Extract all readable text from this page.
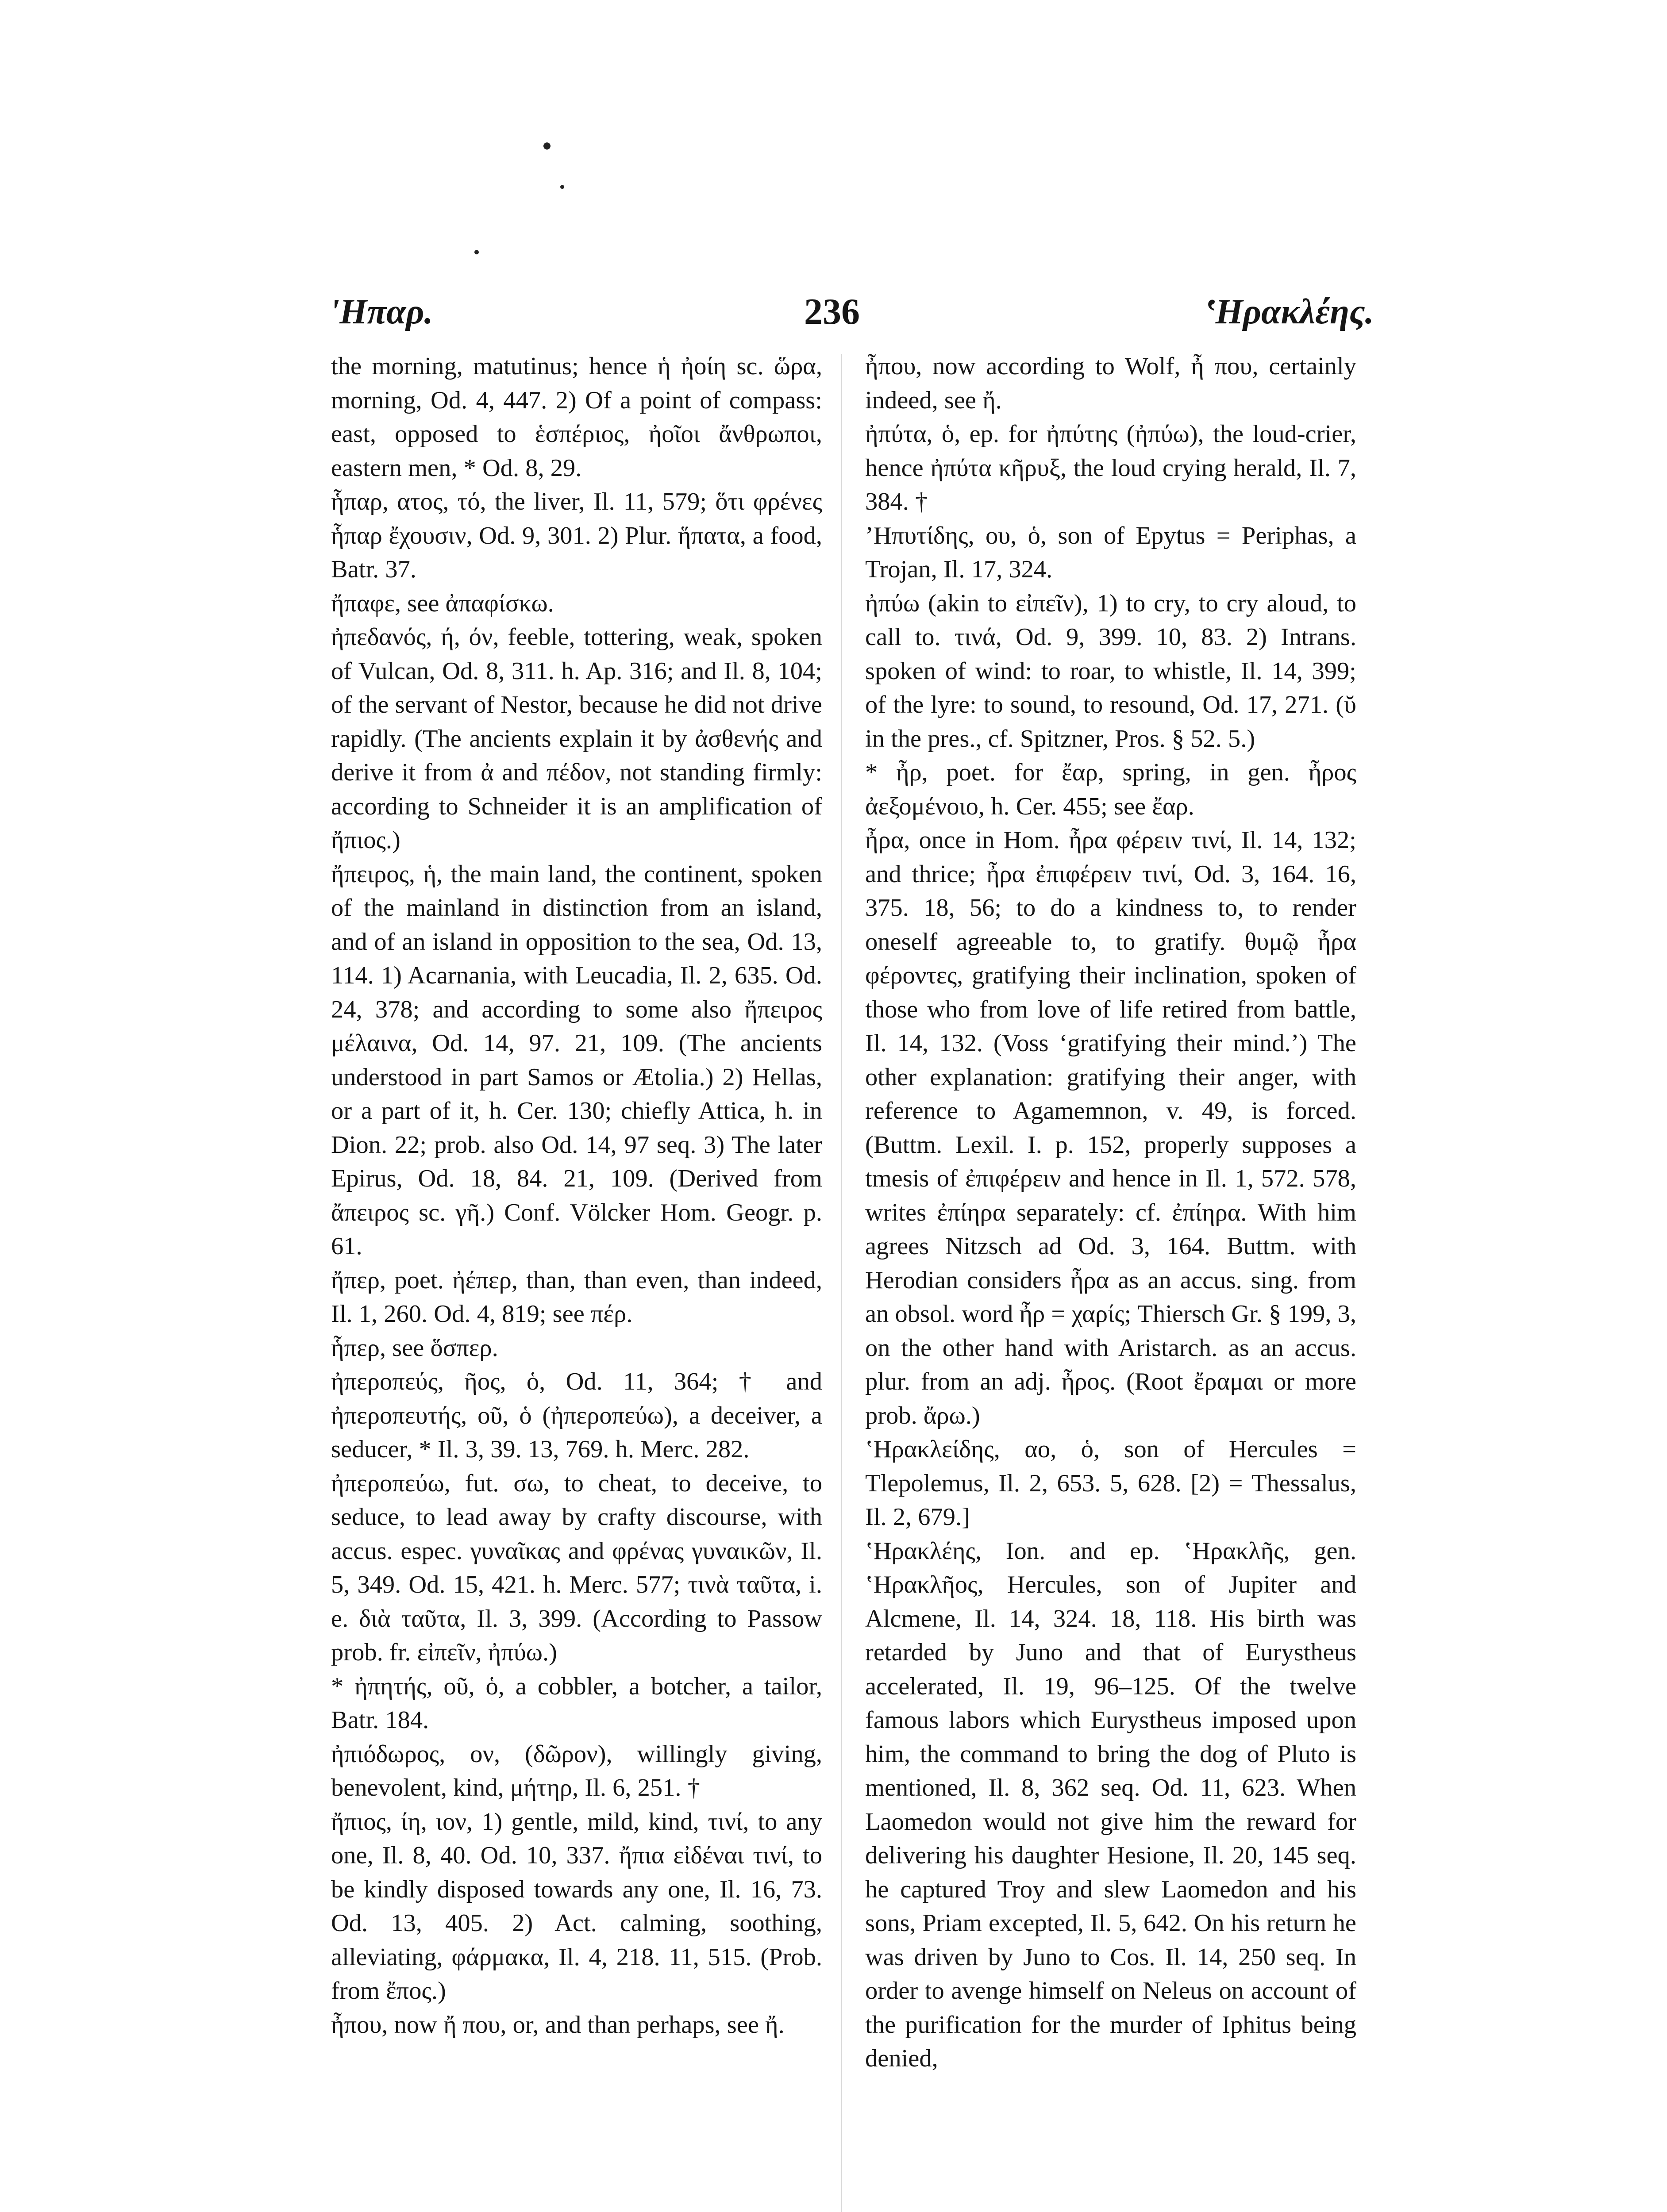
ʹΗπαρ.	236	ʽΗρακλέης.

the morning, matutinus; hence ἡ ἠοίη sc. ὥρα, morning, Od. 4, 447. 2) Of a point of compass: east, opposed to ἑσπέριος, ἠοῖοι ἄνθρωποι, eastern men, * Od. 8, 29.

ἧπαρ, ατος, τό, the liver, Il. 11, 579; ὅτι φρένες ἧπαρ ἔχουσιν, Od. 9, 301. 2) Plur. ἥπατα, a food, Batr. 37.

ἤπαφε, see ἀπαφίσκω.

ἠπεδανός, ή, όν, feeble, tottering, weak, spoken of Vulcan, Od. 8, 311. h. Ap. 316; and Il. 8, 104; of the servant of Nestor, because he did not drive rapidly. (The ancients explain it by ἀσθενής and derive it from ἀ and πέδον, not standing firmly: according to Schneider it is an amplification of ἤπιος.)

ἤπειρος, ἡ, the main land, the continent, spoken of the mainland in distinction from an island, and of an island in opposition to the sea, Od. 13, 114. 1) Acarnania, with Leucadia, Il. 2, 635. Od. 24, 378; and according to some also ἤπειρος μέλαινα, Od. 14, 97. 21, 109. (The ancients understood in part Samos or Ætolia.) 2) Hellas, or a part of it, h. Cer. 130; chiefly Attica, h. in Dion. 22; prob. also Od. 14, 97 seq. 3) The later Epirus, Od. 18, 84. 21, 109. (Derived from ἄπειρος sc. γῆ.) Conf. Völcker Hom. Geogr. p. 61.

ἤπερ, poet. ἠέπερ, than, than even, than indeed, Il. 1, 260. Od. 4, 819; see πέρ.

ἧπερ, see ὅσπερ.

ἠπεροπεύς, ῆος, ὁ, Od. 11, 364; † and ἠπεροπευτής, οῦ, ὁ (ἠπεροπεύω), a deceiver, a seducer, * Il. 3, 39. 13, 769. h. Merc. 282.

ἠπεροπεύω, fut. σω, to cheat, to deceive, to seduce, to lead away by crafty discourse, with accus. espec. γυναῖκας and φρένας γυναικῶν, Il. 5, 349. Od. 15, 421. h. Merc. 577; τινὰ ταῦτα, i. e. διὰ ταῦτα, Il. 3, 399. (According to Passow prob. fr. εἰπεῖν, ἠπύω.)

* ἠπητής, οῦ, ὁ, a cobbler, a botcher, a tailor, Batr. 184.

ἠπιόδωρος, ον, (δῶρον), willingly giving, benevolent, kind, μήτηρ, Il. 6, 251. †

ἤπιος, ίη, ιον, 1) gentle, mild, kind, τινί, to any one, Il. 8, 40. Od. 10, 337. ἤπια εἰδέναι τινί, to be kindly disposed towards any one, Il. 16, 73. Od. 13, 405. 2) Act. calming, soothing, alleviating, φάρμακα, Il. 4, 218. 11, 515. (Prob. from ἔπος.)

ἦπου, now ἤ που, or, and than perhaps, see ἤ.

ἦπου, now according to Wolf, ἦ που, certainly indeed, see ἤ.

ἠπύτα, ὁ, ep. for ἠπύτης (ἠπύω), the loud-crier, hence ἠπύτα κῆρυξ, the loud crying herald, Il. 7, 384. †

ʼΗπυτίδης, ου, ὁ, son of Epytus = Periphas, a Trojan, Il. 17, 324.

ἠπύω (akin to εἰπεῖν), 1) to cry, to cry aloud, to call to. τινά, Od. 9, 399. 10, 83. 2) Intrans. spoken of wind: to roar, to whistle, Il. 14, 399; of the lyre: to sound, to resound, Od. 17, 271. (ῠ in the pres., cf. Spitzner, Pros. § 52. 5.)

* ἦρ, poet. for ἔαρ, spring, in gen. ἦρος ἀεξομένοιο, h. Cer. 455; see ἔαρ.

ἦρα, once in Hom. ἦρα φέρειν τινί, Il. 14, 132; and thrice; ἦρα ἐπιφέρειν τινί, Od. 3, 164. 16, 375. 18, 56; to do a kindness to, to render oneself agreeable to, to gratify. θυμῷ ἦρα φέροντες, gratifying their inclination, spoken of those who from love of life retired from battle, Il. 14, 132. (Voss ‘gratifying their mind.’) The other explanation: gratifying their anger, with reference to Agamemnon, v. 49, is forced. (Buttm. Lexil. I. p. 152, properly supposes a tmesis of ἐπιφέρειν and hence in Il. 1, 572. 578, writes ἐπίηρα separately: cf. ἐπίηρα. With him agrees Nitzsch ad Od. 3, 164. Buttm. with Herodian considers ἦρα as an accus. sing. from an obsol. word ἦρ = χαρίς; Thiersch Gr. § 199, 3, on the other hand with Aristarch. as an accus. plur. from an adj. ἦρος. (Root ἔραμαι or more prob. ἄρω.)

ʽΗρακλείδης, αο, ὁ, son of Hercules = Tlepolemus, Il. 2, 653. 5, 628. [2) = Thessalus, Il. 2, 679.]

ʽΗρακλέης, Ion. and ep. ʽΗρακλῆς, gen. ʽΗρακλῆος, Hercules, son of Jupiter and Alcmene, Il. 14, 324. 18, 118. His birth was retarded by Juno and that of Eurystheus accelerated, Il. 19, 96–125. Of the twelve famous labors which Eurystheus imposed upon him, the command to bring the dog of Pluto is mentioned, Il. 8, 362 seq. Od. 11, 623. When Laomedon would not give him the reward for delivering his daughter Hesione, Il. 20, 145 seq. he captured Troy and slew Laomedon and his sons, Priam excepted, Il. 5, 642. On his return he was driven by Juno to Cos. Il. 14, 250 seq. In order to avenge himself on Neleus on account of the purification for the murder of Iphitus being denied,
